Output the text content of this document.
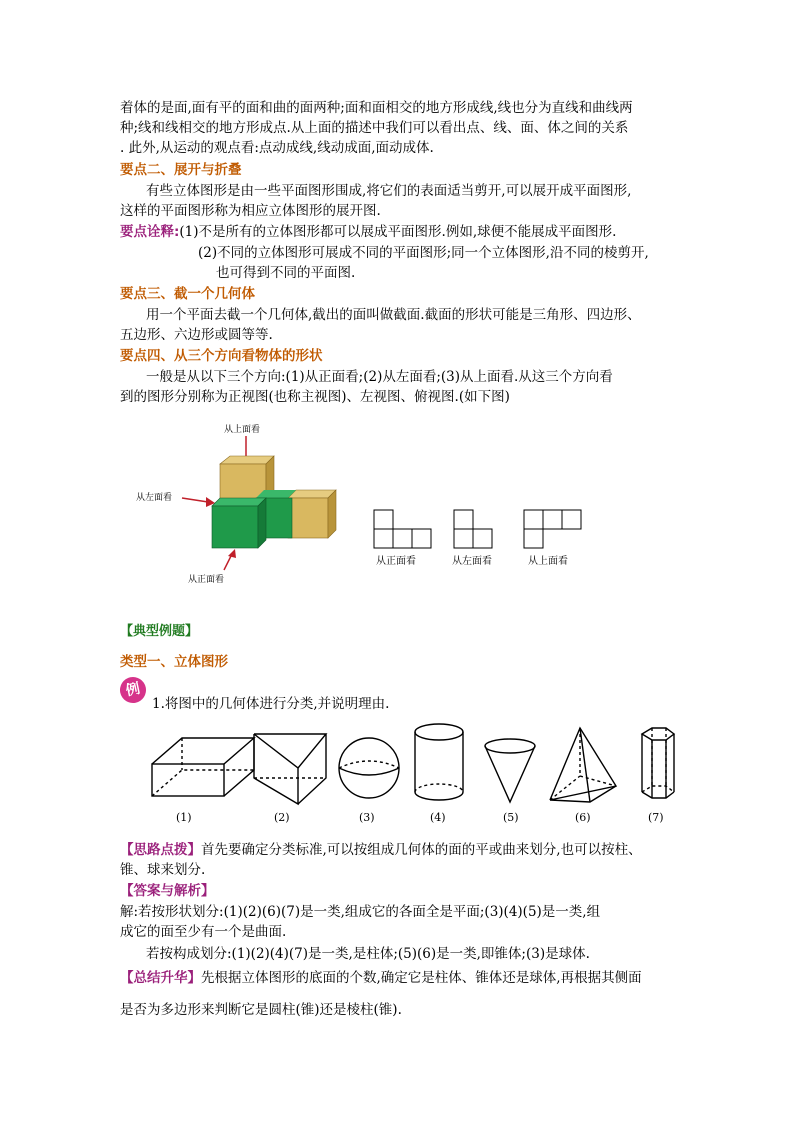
着体的是面,面有平的面和曲的面两种;面和面相交的地方形成线,线也分为直线和曲线两
种;线和线相交的地方形成点.从上面的描述中我们可以看出点、线、面、体之间的关系
. 此外,从运动的观点看:点动成线,线动成面,面动成体.
要点二、展开与折叠
有些立体图形是由一些平面图形围成,将它们的表面适当剪开,可以展开成平面图形,
这样的平面图形称为相应立体图形的展开图.
要点诠释:(1)不是所有的立体图形都可以展成平面图形.例如,球便不能展成平面图形.
(2)不同的立体图形可展成不同的平面图形;同一个立体图形,沿不同的棱剪开,
也可得到不同的平面图.
要点三、截一个几何体
用一个平面去截一个几何体,截出的面叫做截面.截面的形状可能是三角形、四边形、
五边形、六边形或圆等等.
要点四、从三个方向看物体的形状
一般是从以下三个方向:(1)从正面看;(2)从左面看;(3)从上面看.从这三个方向看
到的图形分别称为正视图(也称主视图)、左视图、俯视图.(如下图)
从上面看
从左面看
从正面看
从正面看	从左面看	从上面看
【典型例题】
类型一、立体图形
例
1.将图中的几何体进行分类,并说明理由.
(1)	(2)	(3)	(4)	(5)	(6)	(7)
【思路点拨】首先要确定分类标准,可以按组成几何体的面的平或曲来划分,也可以按柱、
锥、球来划分.
【答案与解析】
解:若按形状划分:(1)(2)(6)(7)是一类,组成它的各面全是平面;(3)(4)(5)是一类,组
成它的面至少有一个是曲面.
若按构成划分:(1)(2)(4)(7)是一类,是柱体;(5)(6)是一类,即锥体;(3)是球体.
【总结升华】先根据立体图形的底面的个数,确定它是柱体、锥体还是球体,再根据其侧面
是否为多边形来判断它是圆柱(锥)还是棱柱(锥).
